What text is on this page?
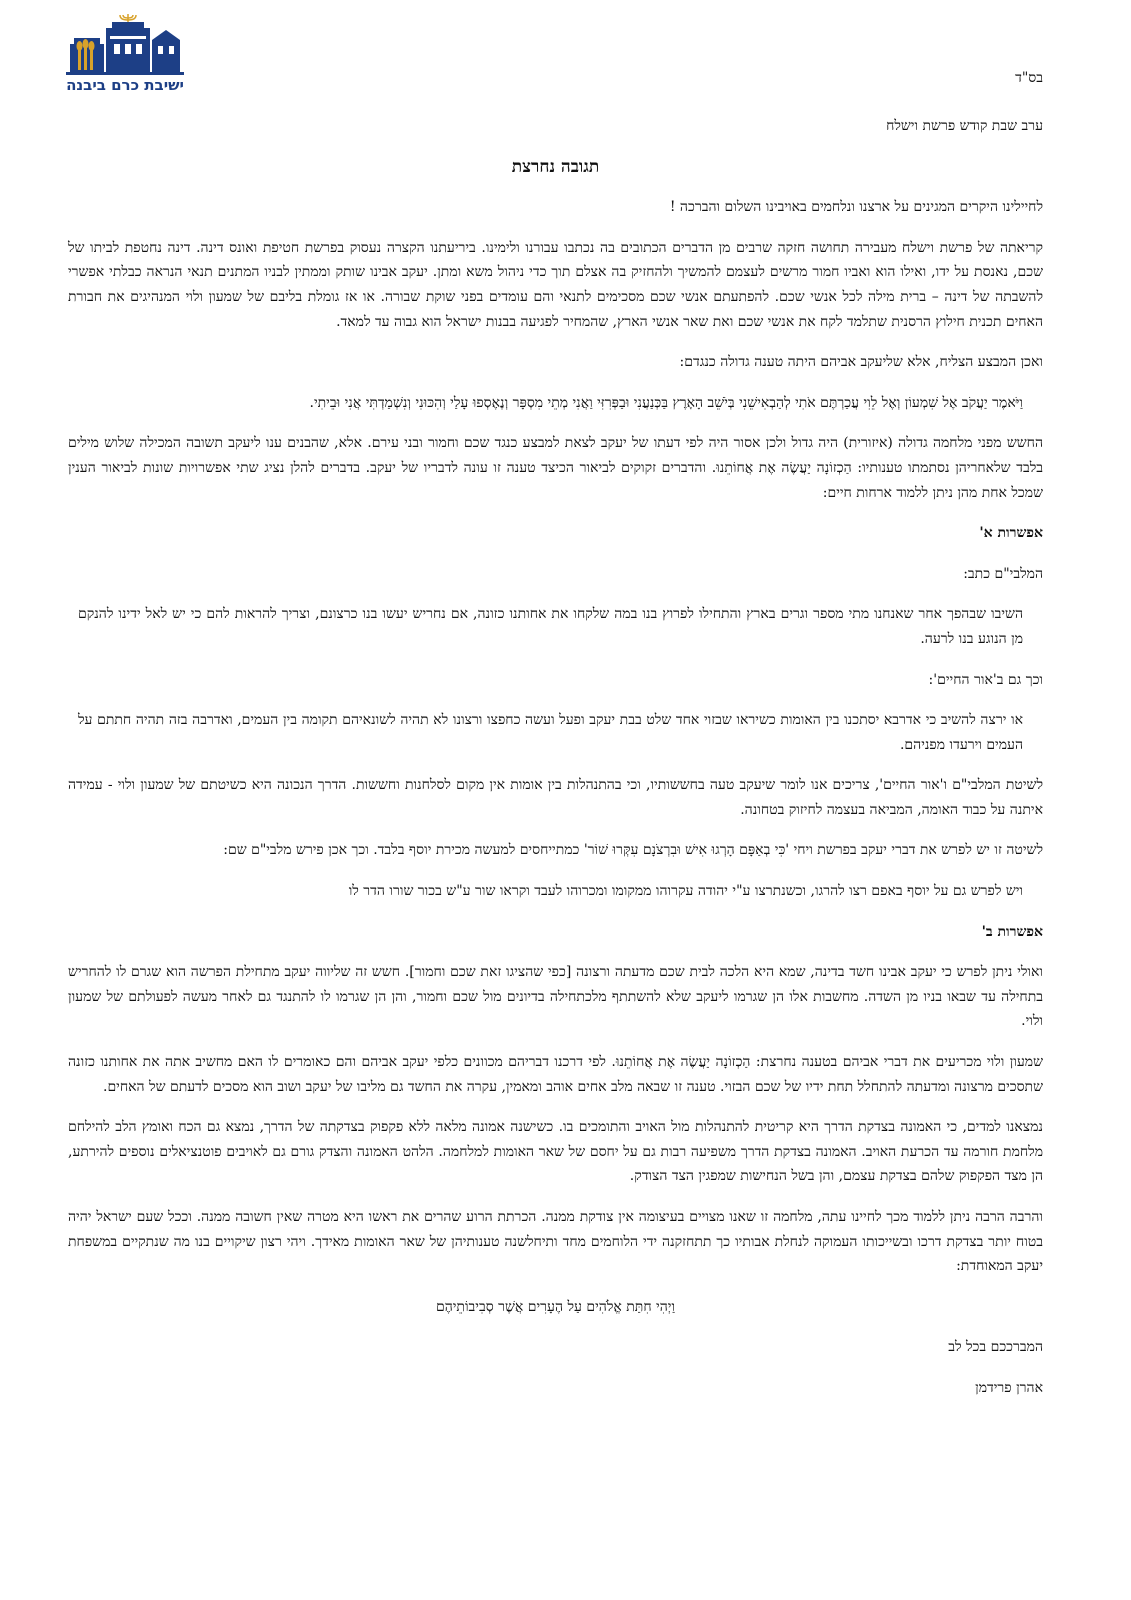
ישיבת כרם ביבנה	בס"ד

ערב שבת קודש פרשת וישלח

תגובה נחרצת

לחיילינו היקרים המגינים על ארצנו ונלחמים באויבינו השלום והברכה !

קריאתה של פרשת וישלח מעבירה תחושה חזקה שרבים מן הדברים הכתובים בה נכתבו עבורנו ולימינו. ביריעתנו הקצרה נעסוק בפרשת חטיפת ואונס דינה. דינה נחטפת לביתו של שכם, נאנסת על ידו, ואילו הוא ואביו חמור מרשים לעצמם להמשיך ולהחזיק בה אצלם תוך כדי ניהול משא ומתן. יעקב אבינו שותק וממתין לבניו המתנים תנאי הנראה כבלתי אפשרי להשבתה של דינה – ברית מילה לכל אנשי שכם. להפתעתם אנשי שכם מסכימים לתנאי והם עומדים בפני שוקת שבורה. או אז גומלת בליבם של שמעון ולוי המנהיגים את חבורת האחים תכנית חילוץ הרסנית שתלמד לקח את אנשי שכם ואת שאר אנשי הארץ, שהמחיר לפגיעה בבנות ישראל הוא גבוה עד למאד.

ואכן המבצע הצליח, אלא שליעקב אביהם היתה טענה גדולה כנגדם:

וַיֹּאמֶר יַעֲקֹב אֶל שִׁמְעוֹן וְאֶל לֵוִי עֲכַרְתֶּם אֹתִי לְהַבְאִישֵׁנִי בְּיֹשֵׁב הָאָרֶץ בַּכְּנַעֲנִי וּבַפְּרִזִּי וַאֲנִי מְתֵי מִסְפָּר וְנֶאֶסְפוּ עָלַי וְהִכּוּנִי וְנִשְׁמַדְתִּי אֲנִי וּבֵיתִי.

החשש מפני מלחמה גדולה (איזורית) היה גדול ולכן אסור היה לפי דעתו של יעקב לצאת למבצע כנגד שכם וחמור ובני עירם. אלא, שהבנים ענו ליעקב תשובה המכילה שלוש מילים בלבד שלאחריהן נסתמתו טענותיו: הַכְזוֹנָה יַעֲשֶׂה אֶת אֲחוֹתֵנוּ. והדברים זקוקים לביאור הכיצד טענה זו עונה לדבריו של יעקב. בדברים להלן נציג שתי אפשרויות שונות לביאור הענין שמכל אחת מהן ניתן ללמוד ארחות חיים:

אפשרות א'

המלבי"ם כתב:

השיבו שבהפך אחר שאנחנו מתי מספר וגרים בארץ והתחילו לפרוץ בנו במה שלקחו את אחותנו כזונה, אם נחריש יעשו בנו כרצונם, וצריך להראות להם כי יש לאל ידינו להנקם מן הנוגע בנו לרעה.

וכך גם ב'אור החיים':

או ירצה להשיב כי אדרבא יסתכנו בין האומות כשיראו שבזוי אחד שלט בבת יעקב ופעל ועשה כחפצו ורצונו לא תהיה לשונאיהם תקומה בין העמים, ואדרבה בזה תהיה חתתם על העמים וירעדו מפניהם.

לשיטת המלבי"ם ו'אור החיים', צריכים אנו לומר שיעקב טעה בחששותיו, וכי בהתנהלות בין אומות אין מקום לסלחנות וחששות. הדרך הנכונה היא כשיטתם של שמעון ולוי - עמידה איתנה על כבוד האומה, המביאה בעצמה לחיזוק בטחונה.

לשיטה זו יש לפרש את דברי יעקב בפרשת ויחי 'כִּי בְאַפָּם הָרְגוּ אִישׁ וּבִרְצֹנָם עִקְּרוּ שׁוֹר' כמתייחסים למעשה מכירת יוסף בלבד. וכך אכן פירש מלבי"ם שם:

ויש לפרש גם על יוסף באפם רצו להרגו, וכשנתרצו ע"י יהודה עקרוהו ממקומו ומכרוהו לעבד וקראו שור ע"ש בכור שורו הדר לו

אפשרות ב'

ואולי ניתן לפרש כי יעקב אבינו חשד בדינה, שמא היא הלכה לבית שכם מדעתה ורצונה [כפי שהציגו זאת שכם וחמור]. חשש זה שליווה יעקב מתחילת הפרשה הוא שגרם לו להחריש בתחילה עד שבאו בניו מן השדה. מחשבות אלו הן שגרמו ליעקב שלא להשתתף מלכתחילה בדיונים מול שכם וחמור, והן הן שגרמו לו להתנגד גם לאחר מעשה לפעולתם של שמעון ולוי.

שמעון ולוי מכריעים את דברי אביהם בטענה נחרצת: הַכְזוֹנָה יַעֲשֶׂה אֶת אֲחוֹתֵנוּ. לפי דרכנו דבריהם מכוונים כלפי יעקב אביהם והם כאומרים לו האם מחשיב אתה את אחותנו כזונה שתסכים מרצונה ומדעתה להתחלל תחת ידיו של שכם הבזוי. טענה זו שבאה מלב אחים אוהב ומאמין, עקרה את החשד גם מליבו של יעקב ושוב הוא מסכים לדעתם של האחים.

נמצאנו למדים, כי האמונה בצדקת הדרך היא קריטית להתנהלות מול האויב והתומכים בו. כשישנה אמונה מלאה ללא פקפוק בצדקתה של הדרך, נמצא גם הכח ואומץ הלב להילחם מלחמת חורמה עד הכרעת האויב. האמונה בצדקת הדרך משפיעה רבות גם על יחסם של שאר האומות למלחמה. הלהט האמונה והצדק גורם גם לאויבים פוטנציאלים נוספים להירתע, הן מצד הפקפוק שלהם בצדקת עצמם, והן בשל הנחישות שמפגין הצד הצודק.

והרבה הרבה ניתן ללמוד מכך לחיינו עתה, מלחמה זו שאנו מצויים בעיצומה אין צודקת ממנה. הכרתת הרוע שהרים את ראשו היא מטרה שאין חשובה ממנה. וככל שעם ישראל יהיה בטוח יותר בצדקת דרכו ובשייכותו העמוקה לנחלת אבותיו כך תתחזקנה ידי הלוחמים מחד ותיחלשנה טענותיהן של שאר האומות מאידך. ויהי רצון שיקויים בנו מה שנתקיים במשפחת יעקב המאוחדת:

וַיְהִי חִתַּת אֱלֹהִים עַל הֶעָרִים אֲשֶׁר סְבִיבוֹתֵיהֶם

המברככם בכל לב

אהרן פרידמן
